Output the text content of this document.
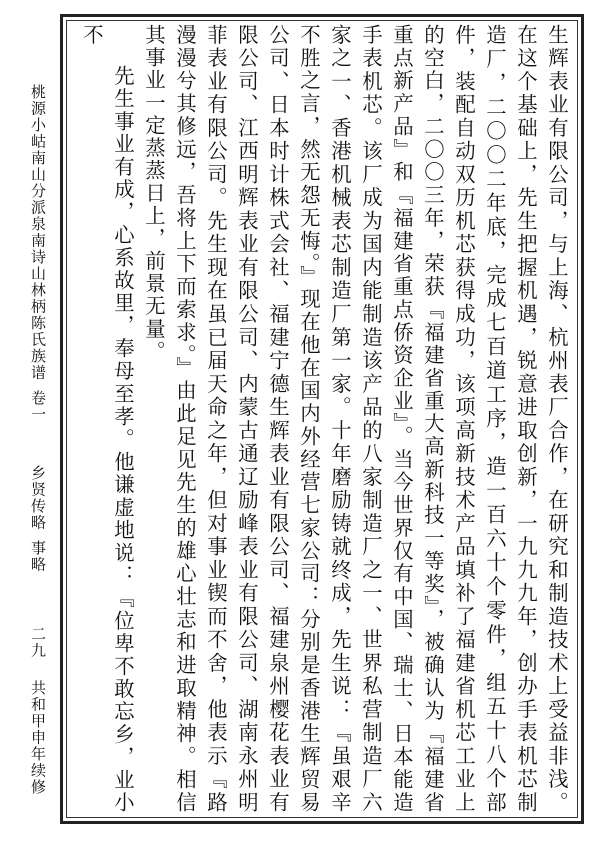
生辉表业有限公司，与上海、杭州表厂合作，在研究和制造技术上受益非浅。在这个基础上，先生把握机遇，锐意进取创新，一九九九年，创办手表机芯制造厂，二〇〇二年底，完成七百道工序，造一百六十个零件，组五十八个部件，装配自动双历机芯获得成功，该项高新技术产品填补了福建省机芯工业上的空白，二〇〇三年，荣获『福建省重大高新科技一等奖』，被确认为『福建省重点新产品』和『福建省重点侨资企业』。当今世界仅有中国、瑞士、日本能造手表机芯。该厂成为国内能制造该产品的八家制造厂之一、世界私营制造厂六家之一、香港机械表芯制造厂第一家。十年磨励铸就终成，先生说：『虽艰辛不胜之言，然无怨无悔。』现在他在国内外经营七家公司：分别是香港生辉贸易公司、日本时计株式会社、福建宁德生辉表业有限公司、福建泉州樱花表业有限公司、江西明辉表业有限公司、内蒙古通辽励峰表业有限公司、湖南永州明菲表业有限公司。先生现在虽已届天命之年，但对事业锲而不舍，他表示『路漫漫兮其修远，吾将上下而索求。』由此足见先生的雄心壮志和进取精神。相信其事业一定蒸蒸日上，前景无量。
先生事业有成，心系故里，奉母至孝。他谦虚地说：『位卑不敢忘乡，业小不
桃源小岵南山分派泉南诗山林柄陈氏族谱
卷一
乡贤传略
事略
二九
共和甲申年续修
